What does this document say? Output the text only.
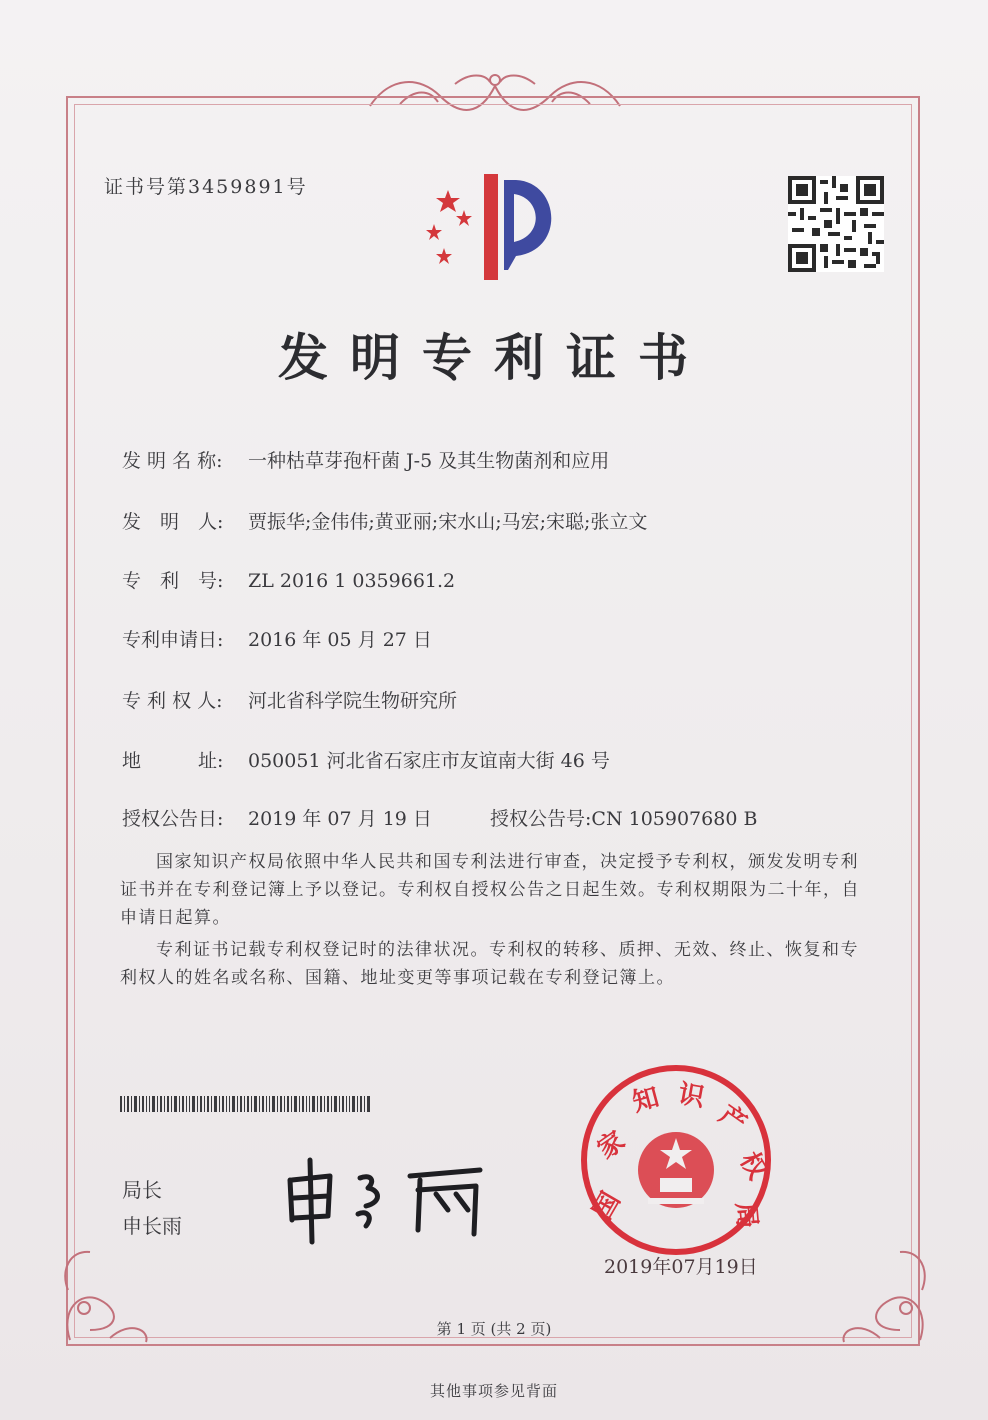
证书号第3459891号
发明专利证书
发 明 名 称: 一种枯草芽孢杆菌 J-5 及其生物菌剂和应用
发　明　人: 贾振华;金伟伟;黄亚丽;宋水山;马宏;宋聪;张立文
专　利　号: ZL 2016 1 0359661.2
专利申请日: 2016 年 05 月 27 日
专 利 权 人: 河北省科学院生物研究所
地　　　址: 050051 河北省石家庄市友谊南大街 46 号
授权公告日: 2019 年 07 月 19 日	授权公告号:CN 105907680 B
国家知识产权局依照中华人民共和国专利法进行审查，决定授予专利权，颁发发明专利证书并在专利登记簿上予以登记。专利权自授权公告之日起生效。专利权期限为二十年，自申请日起算。
专利证书记载专利权登记时的法律状况。专利权的转移、质押、无效、终止、恢复和专利权人的姓名或名称、国籍、地址变更等事项记载在专利登记簿上。
局长
申长雨
国
家
知 识
产
权
局
2019年07月19日
第 1 页 (共 2 页)
其他事项参见背面
